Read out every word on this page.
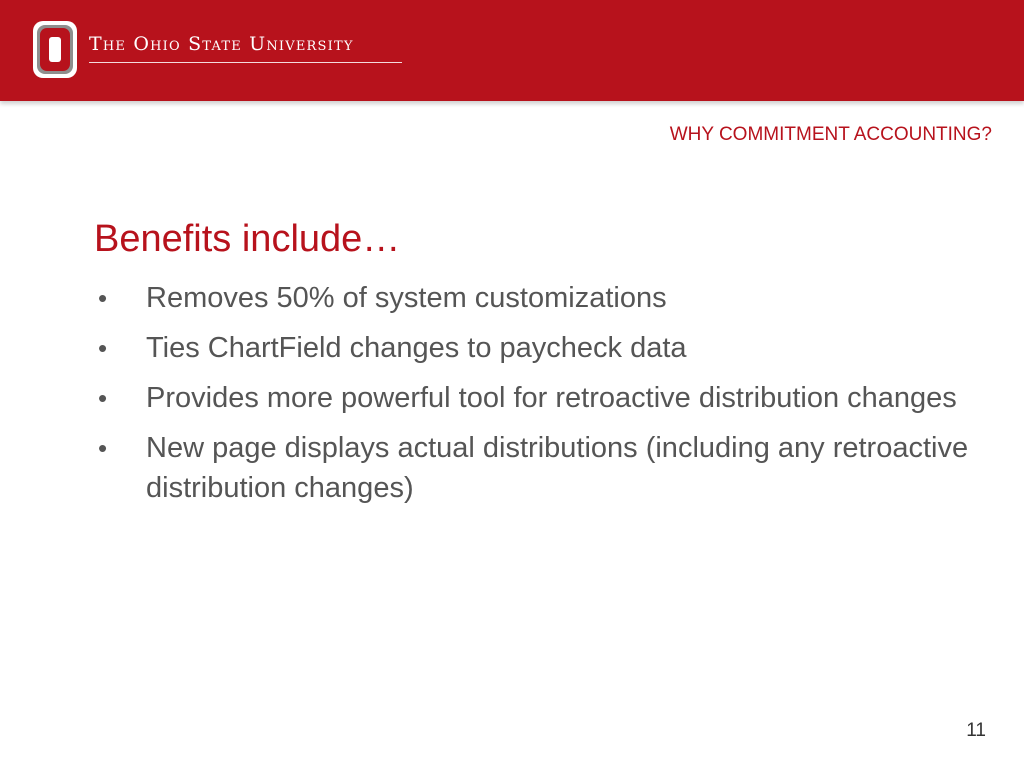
The Ohio State University
WHY COMMITMENT ACCOUNTING?
Benefits include…
• Removes 50% of system customizations
• Ties ChartField changes to paycheck data
• Provides more powerful tool for retroactive distribution changes
• New page displays actual distributions (including any retroactive distribution changes)
11
